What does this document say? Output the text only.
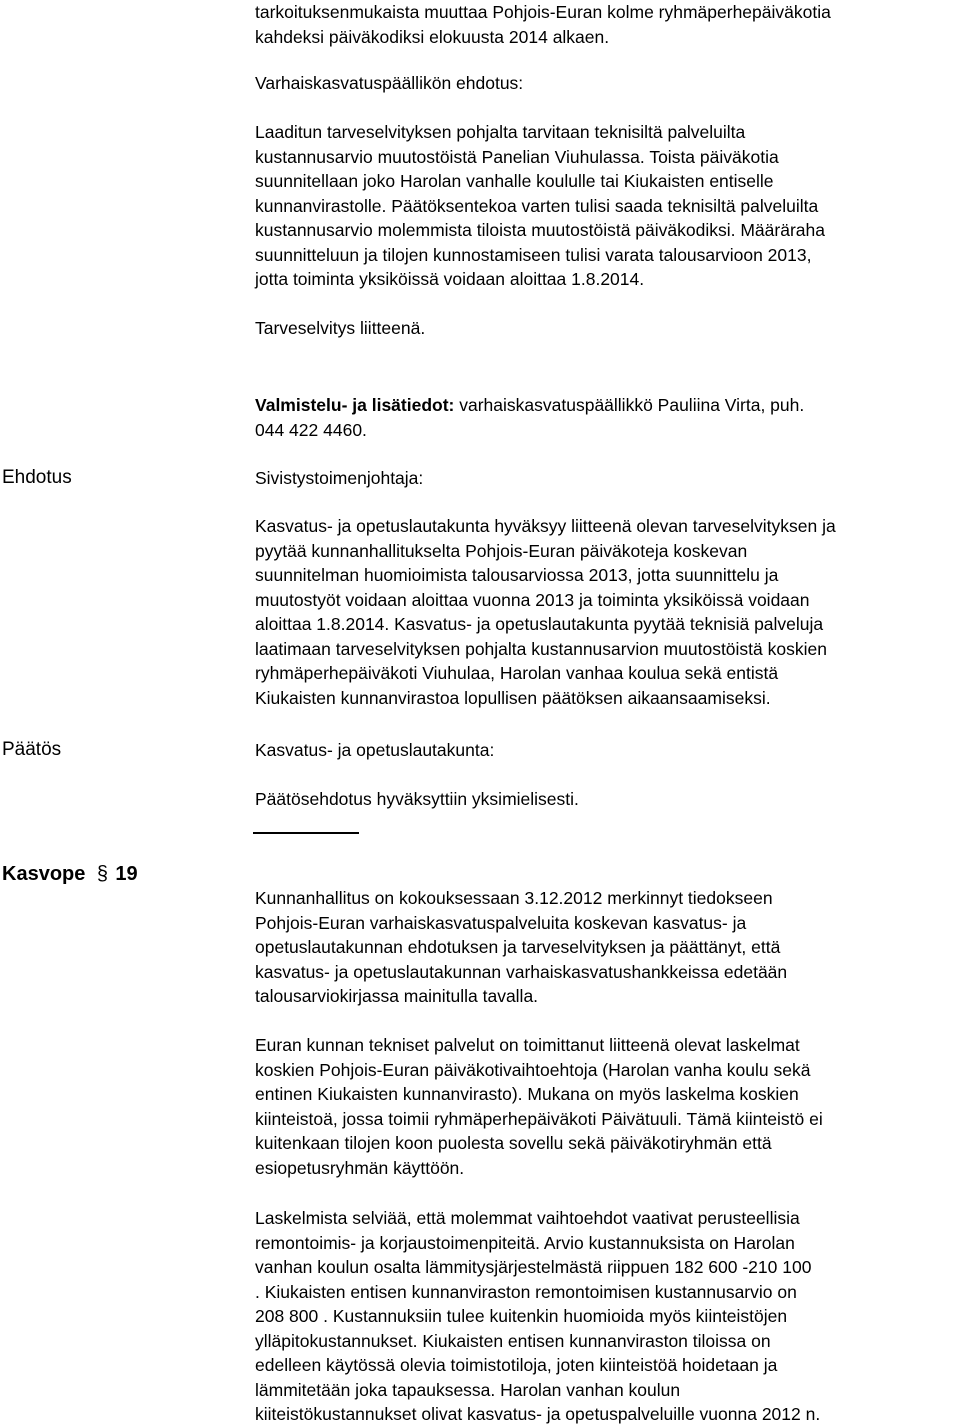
tarkoituksenmukaista muuttaa Pohjois-Euran kolme ryhmäperhepäiväkotia
kahdeksi päiväkodiksi elokuusta 2014 alkaen.
Varhaiskasvatuspäällikön ehdotus:
Laaditun tarveselvityksen pohjalta tarvitaan teknisiltä palveluilta
kustannusarvio muutostöistä Panelian Viuhulassa. Toista päiväkotia
suunnitellaan joko Harolan vanhalle koululle tai Kiukaisten entiselle
kunnanvirastolle. Päätöksentekoa varten tulisi saada teknisiltä palveluilta
kustannusarvio molemmista tiloista muutostöistä päiväkodiksi. Määräraha
suunnitteluun ja tilojen kunnostamiseen tulisi varata talousarvioon 2013,
jotta toiminta yksiköissä voidaan aloittaa 1.8.2014.
Tarveselvitys liitteenä.
Valmistelu- ja lisätiedot: varhaiskasvatuspäällikkö Pauliina Virta, puh.
044 422 4460.
Ehdotus	Sivistystoimenjohtaja:
Kasvatus- ja opetuslautakunta hyväksyy liitteenä olevan tarveselvityksen ja
pyytää kunnanhallitukselta Pohjois-Euran päiväkoteja koskevan
suunnitelman huomioimista talousarviossa 2013, jotta suunnittelu ja
muutostyöt voidaan aloittaa vuonna 2013 ja toiminta yksiköissä voidaan
aloittaa 1.8.2014. Kasvatus- ja opetuslautakunta pyytää teknisiä palveluja
laatimaan tarveselvityksen pohjalta kustannusarvion muutostöistä koskien
ryhmäperhepäiväkoti Viuhulaa, Harolan vanhaa koulua sekä entistä
Kiukaisten kunnanvirastoa lopullisen päätöksen aikaansaamiseksi.
Päätös	Kasvatus- ja opetuslautakunta:
Päätösehdotus hyväksyttiin yksimielisesti.
Kasvope § 19
Kunnanhallitus on kokouksessaan 3.12.2012 merkinnyt tiedokseen
Pohjois-Euran varhaiskasvatuspalveluita koskevan kasvatus- ja
opetuslautakunnan ehdotuksen ja tarveselvityksen ja päättänyt, että
kasvatus- ja opetuslautakunnan varhaiskasvatushankkeissa edetään
talousarviokirjassa mainitulla tavalla.
Euran kunnan tekniset palvelut on toimittanut liitteenä olevat laskelmat
koskien Pohjois-Euran päiväkotivaihtoehtoja (Harolan vanha koulu sekä
entinen Kiukaisten kunnanvirasto). Mukana on myös laskelma koskien
kiinteistoä, jossa toimii ryhmäperhepäiväkoti Päivätuuli. Tämä kiinteistö ei
kuitenkaan tilojen koon puolesta sovellu sekä päiväkotiryhmän että
esiopetusryhmän käyttöön.
Laskelmista selviää, että molemmat vaihtoehdot vaativat perusteellisia
remontoimis- ja korjaustoimenpiteitä. Arvio kustannuksista on Harolan
vanhan koulun osalta lämmitysjärjestelmästä riippuen 182 600 -210 100
. Kiukaisten entisen kunnanviraston remontoimisen kustannusarvio on
208 800 . Kustannuksiin tulee kuitenkin huomioida myös kiinteistöjen
ylläpitokustannukset. Kiukaisten entisen kunnanviraston tiloissa on
edelleen käytössä olevia toimistotiloja, joten kiinteistöä hoidetaan ja
lämmitetään joka tapauksessa. Harolan vanhan koulun
kiiteistökustannukset olivat kasvatus- ja opetuspalveluille vuonna 2012 n.
